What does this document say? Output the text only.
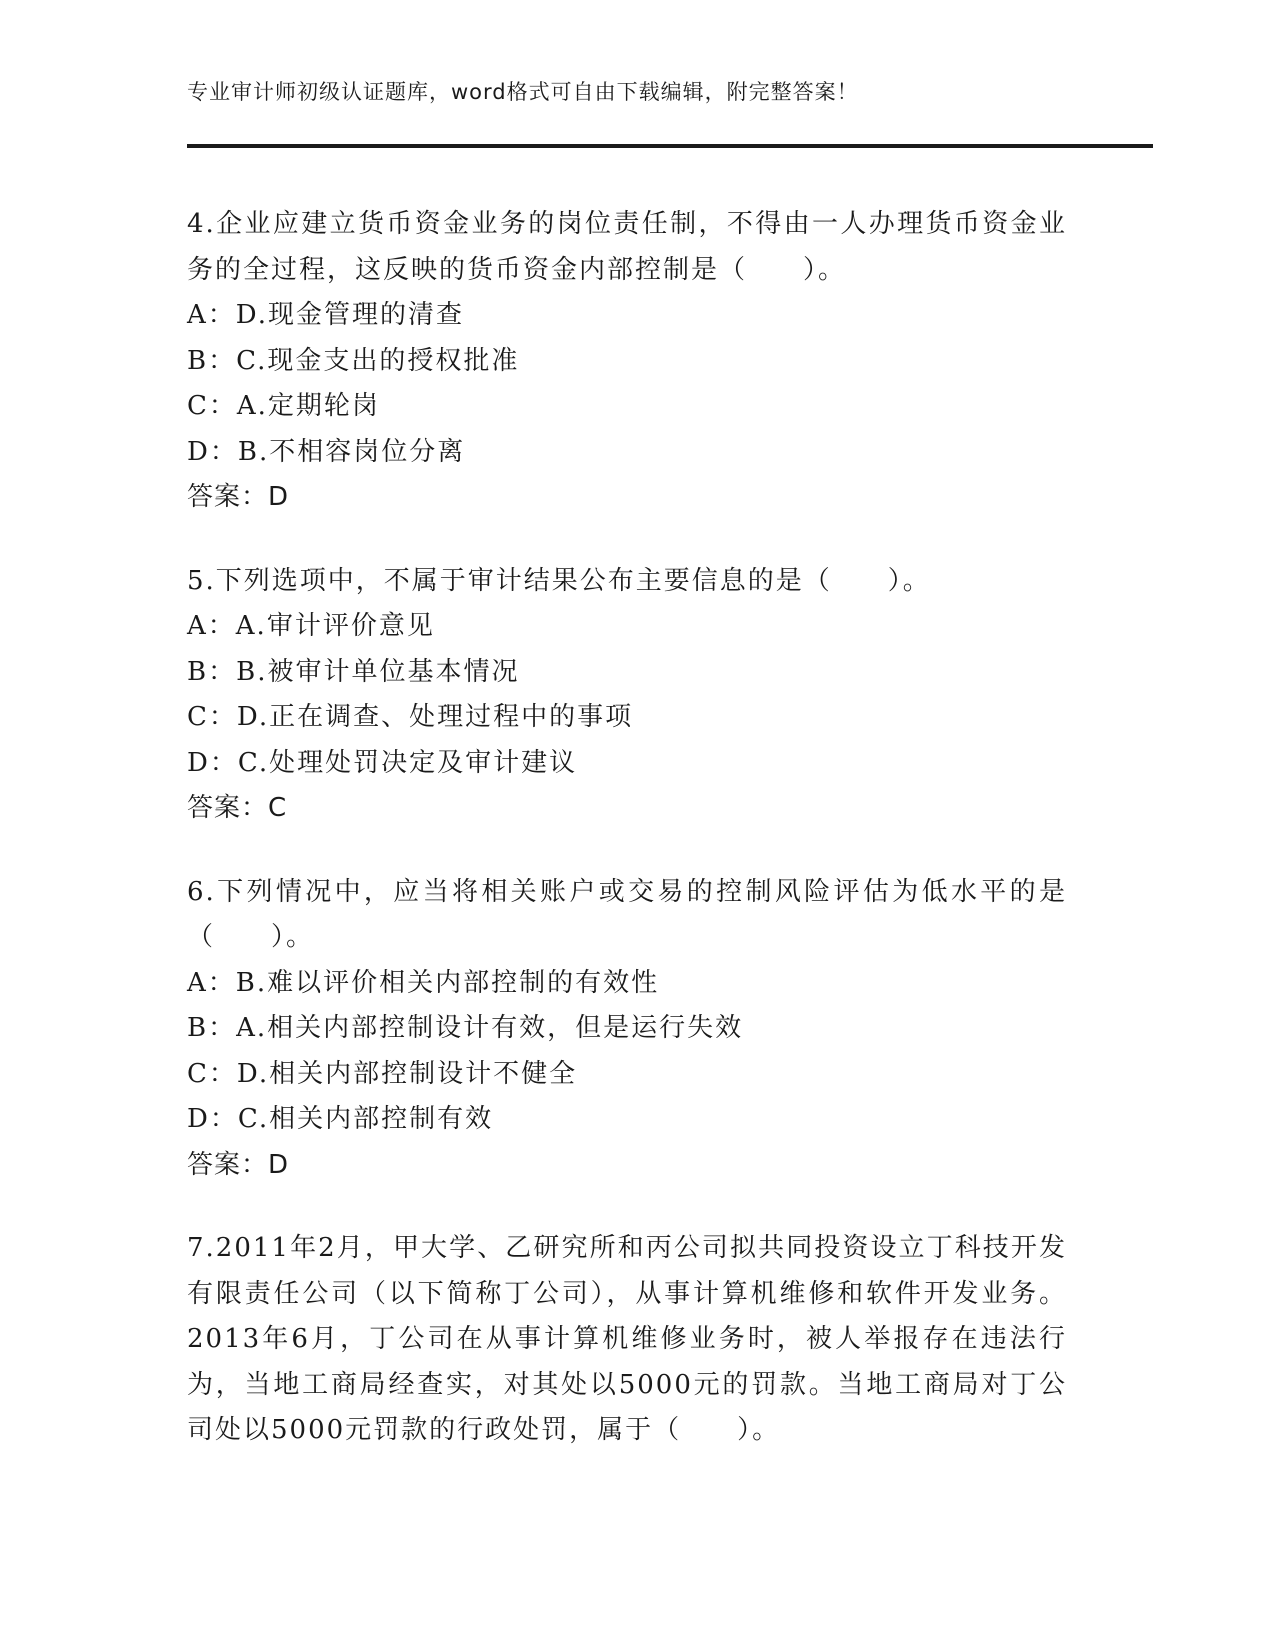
专业审计师初级认证题库，word格式可自由下载编辑，附完整答案！

4.企业应建立货币资金业务的岗位责任制，不得由一人办理货币资金业务的全过程，这反映的货币资金内部控制是（　　）。

A：D.现金管理的清查

B：C.现金支出的授权批准

C：A.定期轮岗

D：B.不相容岗位分离

答案：D

5.下列选项中，不属于审计结果公布主要信息的是（　　）。

A：A.审计评价意见

B：B.被审计单位基本情况

C：D.正在调查、处理过程中的事项

D：C.处理处罚决定及审计建议

答案：C

6.下列情况中，应当将相关账户或交易的控制风险评估为低水平的是（　　）。

A：B.难以评价相关内部控制的有效性

B：A.相关内部控制设计有效，但是运行失效

C：D.相关内部控制设计不健全

D：C.相关内部控制有效

答案：D

7.2011年2月，甲大学、乙研究所和丙公司拟共同投资设立丁科技开发有限责任公司（以下简称丁公司），从事计算机维修和软件开发业务。2013年6月，丁公司在从事计算机维修业务时，被人举报存在违法行为，当地工商局经查实，对其处以5000元的罚款。当地工商局对丁公司处以5000元罚款的行政处罚，属于（　　）。
